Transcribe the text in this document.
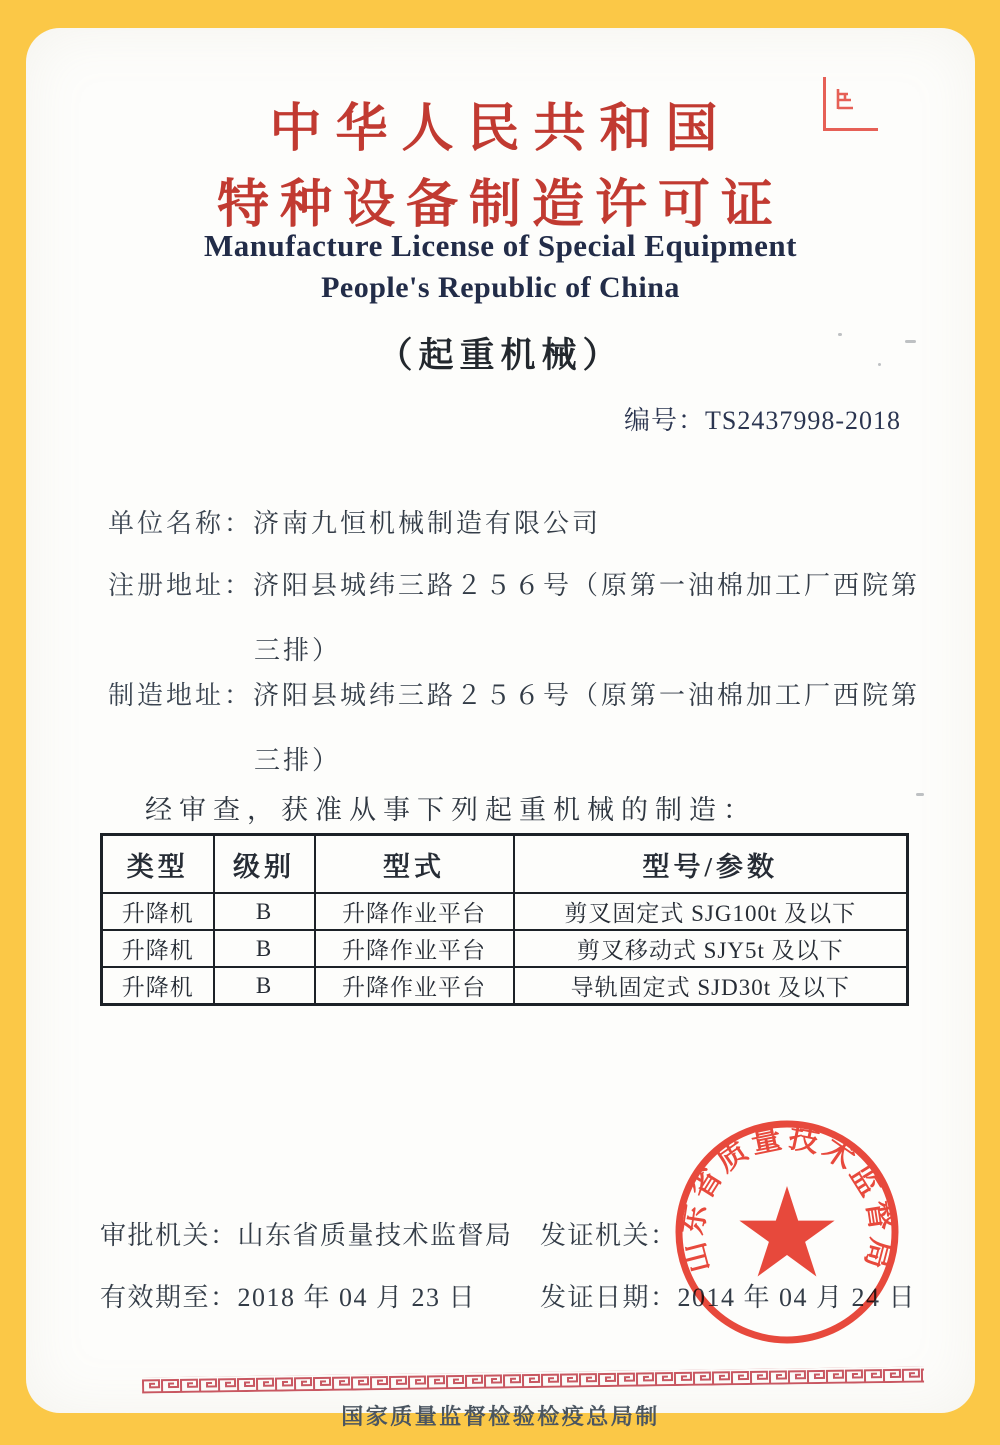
中华人民共和国
特种设备制造许可证
Manufacture License of Special Equipment
People's Republic of China
（起重机械）
编号：TS2437998-2018
单位名称：济南九恒机械制造有限公司
注册地址：济阳县城纬三路２５６号（原第一油棉加工厂西院第
三排）
制造地址：济阳县城纬三路２５６号（原第一油棉加工厂西院第
三排）
经审查，获准从事下列起重机械的制造：
类型	级别	型式	型号/参数
升降机	B	升降作业平台	剪叉固定式 SJG100t 及以下
升降机	B	升降作业平台	剪叉移动式 SJY5t 及以下
升降机	B	升降作业平台	导轨固定式 SJD30t 及以下
审批机关：山东省质量技术监督局 发证机关：
有效期至：2018 年 04 月 23 日 发证日期：2014 年 04 月 24 日
山东省质量技术监督局
国家质量监督检验检疫总局制
